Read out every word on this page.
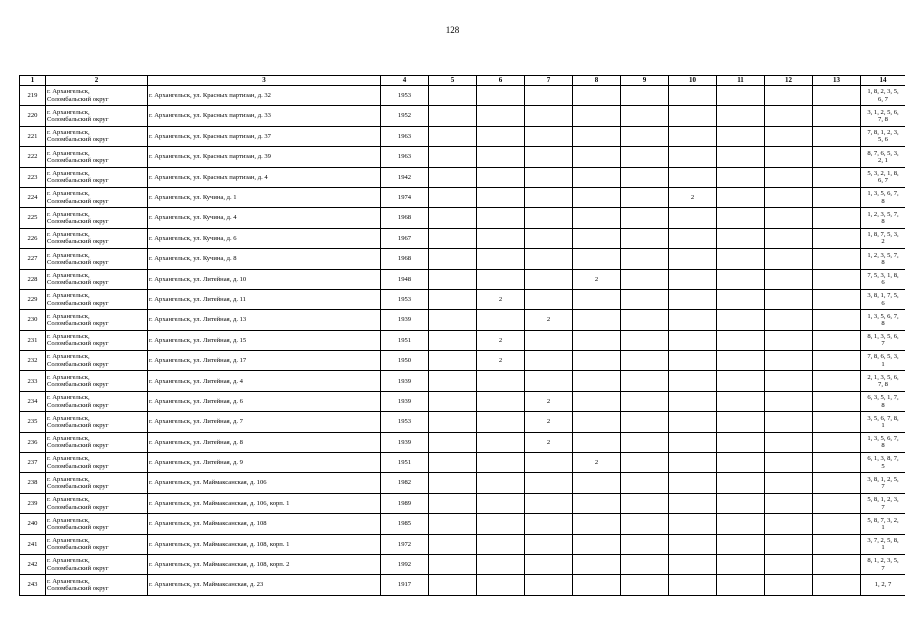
128
1	2	3	4	5	6	7	8	9	10	11	12	13	14
219	г. Архангельск,
Соломбальский округ	г. Архангельск, ул. Красных партизан, д. 32	1953										1, 8, 2, 3, 5,
6, 7

220	г. Архангельск,
Соломбальский округ	г. Архангельск, ул. Красных партизан, д. 33	1952										3, 1, 2, 5, 6,
7, 8

221	г. Архангельск,
Соломбальский округ	г. Архангельск, ул. Красных партизан, д. 37	1963										7, 8, 1, 2, 3,
5, 6

222	г. Архангельск,
Соломбальский округ	г. Архангельск, ул. Красных партизан, д. 39	1963										8, 7, 6, 5, 3,
2, 1

223	г. Архангельск,
Соломбальский округ	г. Архангельск, ул. Красных партизан, д. 4	1942										5, 3, 2, 1, 8,
6, 7

224	г. Архангельск,
Соломбальский округ	г. Архангельск, ул. Кучина, д. 1	1974						2				1, 3, 5, 6, 7,
8

225	г. Архангельск,
Соломбальский округ	г. Архангельск, ул. Кучина, д. 4	1968										1, 2, 3, 5, 7,
8

226	г. Архангельск,
Соломбальский округ	г. Архангельск, ул. Кучина, д. 6	1967										1, 8, 7, 5, 3,
2

227	г. Архангельск,
Соломбальский округ	г. Архангельск, ул. Кучина, д. 8	1968										1, 2, 3, 5, 7,
8

228	г. Архангельск,
Соломбальский округ	г. Архангельск, ул. Литейная, д. 10	1948				2						7, 5, 3, 1, 8,
6

229	г. Архангельск,
Соломбальский округ	г. Архангельск, ул. Литейная, д. 11	1953		2								3, 8, 1, 7, 5,
6

230	г. Архангельск,
Соломбальский округ	г. Архангельск, ул. Литейная, д. 13	1939			2							1, 3, 5, 6, 7,
8

231	г. Архангельск,
Соломбальский округ	г. Архангельск, ул. Литейная, д. 15	1951		2								8, 1, 3, 5, 6,
7

232	г. Архангельск,
Соломбальский округ	г. Архангельск, ул. Литейная, д. 17	1950		2								7, 8, 6, 5, 3,
1

233	г. Архангельск,
Соломбальский округ	г. Архангельск, ул. Литейная, д. 4	1939										2, 1, 3, 5, 6,
7, 8

234	г. Архангельск,
Соломбальский округ	г. Архангельск, ул. Литейная, д. 6	1939			2							6, 3, 5, 1, 7,
8

235	г. Архангельск,
Соломбальский округ	г. Архангельск, ул. Литейная, д. 7	1953			2							3, 5, 6, 7, 8,
1

236	г. Архангельск,
Соломбальский округ	г. Архангельск, ул. Литейная, д. 8	1939			2							1, 3, 5, 6, 7,
8

237	г. Архангельск,
Соломбальский округ	г. Архангельск, ул. Литейная, д. 9	1951				2						6, 1, 3, 8, 7,
5

238	г. Архангельск,
Соломбальский округ	г. Архангельск, ул. Маймаксанская, д. 106	1982										3, 8, 1, 2, 5,
7

239	г. Архангельск,
Соломбальский округ	г. Архангельск, ул. Маймаксанская, д. 106, корп. 1	1989										5, 8, 1, 2, 3,
7

240	г. Архангельск,
Соломбальский округ	г. Архангельск, ул. Маймаксанская, д. 108	1985										5, 8, 7, 3, 2,
1

241	г. Архангельск,
Соломбальский округ	г. Архангельск, ул. Маймаксанская, д. 108, корп. 1	1972										3, 7, 2, 5, 8,
1

242	г. Архангельск,
Соломбальский округ	г. Архангельск, ул. Маймаксанская, д. 108, корп. 2	1992										8, 1, 2, 3, 5,
7

243	г. Архангельск,
Соломбальский округ	г. Архангельск, ул. Маймаксанская, д. 23	1917										1, 2, 7
